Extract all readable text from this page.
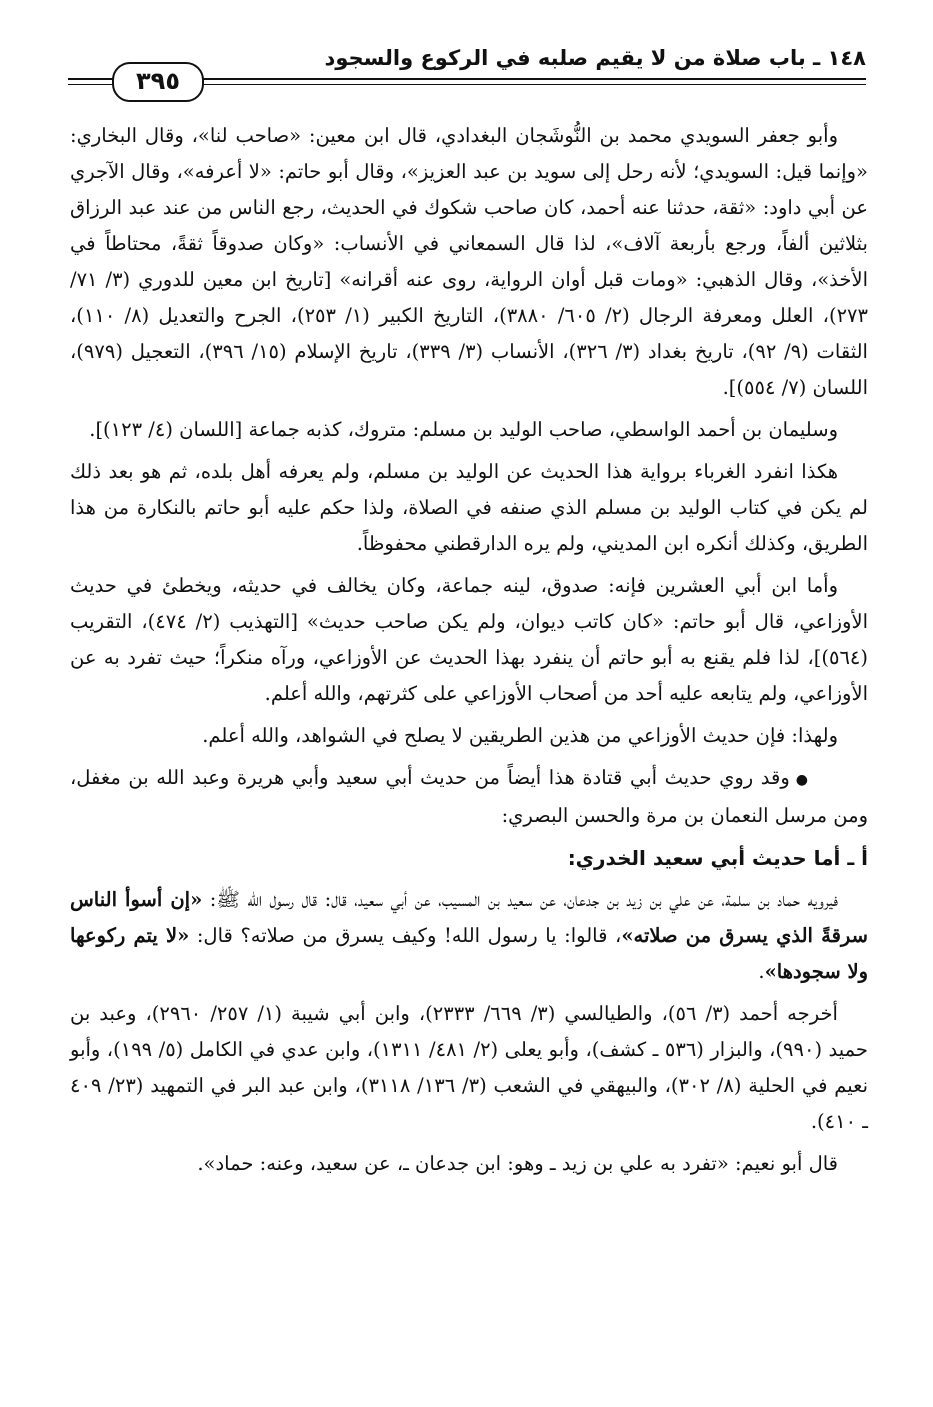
١٤٨ ـ باب صلاة من لا يقيم صلبه في الركوع والسجود
٣٩٥

وأبو جعفر السويدي محمد بن النُّوشَجان البغدادي، قال ابن معين: «صاحب لنا»، وقال البخاري: «وإنما قيل: السويدي؛ لأنه رحل إلى سويد بن عبد العزيز»، وقال أبو حاتم: «لا أعرفه»، وقال الآجري عن أبي داود: «ثقة، حدثنا عنه أحمد، كان صاحب شكوك في الحديث، رجع الناس من عند عبد الرزاق بثلاثين ألفاً، ورجع بأربعة آلاف»، لذا قال السمعاني في الأنساب: «وكان صدوقاً ثقةً، محتاطاً في الأخذ»، وقال الذهبي: «ومات قبل أوان الرواية، روى عنه أقرانه» [تاريخ ابن معين للدوري (٣/ ٧١/ ٢٧٣)، العلل ومعرفة الرجال (٢/ ٦٠٥/ ٣٨٨٠)، التاريخ الكبير (١/ ٢٥٣)، الجرح والتعديل (٨/ ١١٠)، الثقات (٩/ ٩٢)، تاريخ بغداد (٣/ ٣٢٦)، الأنساب (٣/ ٣٣٩)، تاريخ الإسلام (١٥/ ٣٩٦)، التعجيل (٩٧٩)، اللسان (٧/ ٥٥٤)].

وسليمان بن أحمد الواسطي، صاحب الوليد بن مسلم: متروك، كذبه جماعة [اللسان (٤/ ١٢٣)].

هكذا انفرد الغرباء برواية هذا الحديث عن الوليد بن مسلم، ولم يعرفه أهل بلده، ثم هو بعد ذلك لم يكن في كتاب الوليد بن مسلم الذي صنفه في الصلاة، ولذا حكم عليه أبو حاتم بالنكارة من هذا الطريق، وكذلك أنكره ابن المديني، ولم يره الدارقطني محفوظاً.

وأما ابن أبي العشرين فإنه: صدوق، لينه جماعة، وكان يخالف في حديثه، ويخطئ في حديث الأوزاعي، قال أبو حاتم: «كان كاتب ديوان، ولم يكن صاحب حديث» [التهذيب (٢/ ٤٧٤)، التقريب (٥٦٤)]، لذا فلم يقنع به أبو حاتم أن ينفرد بهذا الحديث عن الأوزاعي، ورآه منكراً؛ حيث تفرد به عن الأوزاعي، ولم يتابعه عليه أحد من أصحاب الأوزاعي على كثرتهم، والله أعلم.

ولهذا: فإن حديث الأوزاعي من هذين الطريقين لا يصلح في الشواهد، والله أعلم.

●وقد روي حديث أبي قتادة هذا أيضاً من حديث أبي سعيد وأبي هريرة وعبد الله بن مغفل، ومن مرسل النعمان بن مرة والحسن البصري:

أ ـ أما حديث أبي سعيد الخدري:

فيرويه حماد بن سلمة، عن علي بن زيد بن جدعان، عن سعيد بن المسيب، عن أبي سعيد، قال: قال رسول الله ﷺ: «إن أسوأ الناس سرقةً الذي يسرق من صلاته»، قالوا: يا رسول الله! وكيف يسرق من صلاته؟ قال: «لا يتم ركوعها ولا سجودها».

أخرجه أحمد (٣/ ٥٦)، والطيالسي (٣/ ٦٦٩/ ٢٣٣٣)، وابن أبي شيبة (١/ ٢٥٧/ ٢٩٦٠)، وعبد بن حميد (٩٩٠)، والبزار (٥٣٦ ـ كشف)، وأبو يعلى (٢/ ٤٨١/ ١٣١١)، وابن عدي في الكامل (٥/ ١٩٩)، وأبو نعيم في الحلية (٨/ ٣٠٢)، والبيهقي في الشعب (٣/ ١٣٦/ ٣١١٨)، وابن عبد البر في التمهيد (٢٣/ ٤٠٩ ـ ٤١٠).

قال أبو نعيم: «تفرد به علي بن زيد ـ وهو: ابن جدعان ـ، عن سعيد، وعنه: حماد».
